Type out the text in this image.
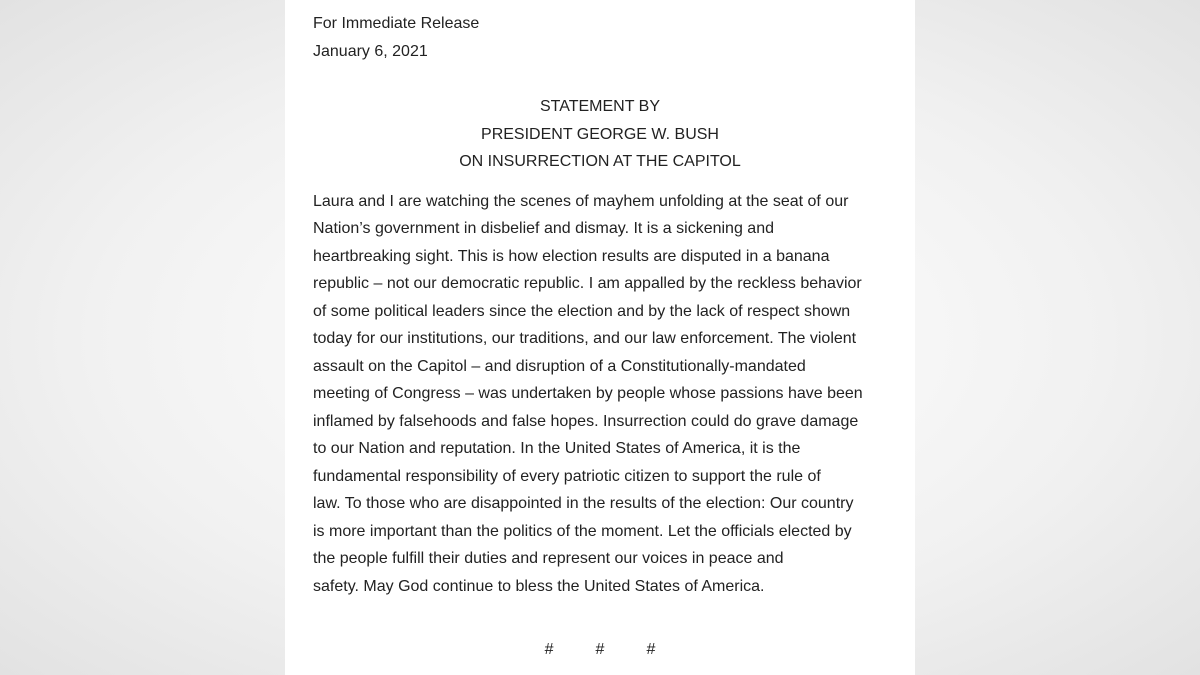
For Immediate Release

January 6, 2021

STATEMENT BY

PRESIDENT GEORGE W. BUSH

ON INSURRECTION AT THE CAPITOL

Laura and I are watching the scenes of mayhem unfolding at the seat of our
Nation’s government in disbelief and dismay. It is a sickening and
heartbreaking sight. This is how election results are disputed in a banana
republic – not our democratic republic. I am appalled by the reckless behavior
of some political leaders since the election and by the lack of respect shown
today for our institutions, our traditions, and our law enforcement. The violent
assault on the Capitol – and disruption of a Constitutionally-mandated
meeting of Congress – was undertaken by people whose passions have been
inflamed by falsehoods and false hopes. Insurrection could do grave damage
to our Nation and reputation. In the United States of America, it is the
fundamental responsibility of every patriotic citizen to support the rule of
law. To those who are disappointed in the results of the election: Our country
is more important than the politics of the moment. Let the officials elected by
the people fulfill their duties and represent our voices in peace and
safety. May God continue to bless the United States of America.
#	#	#
